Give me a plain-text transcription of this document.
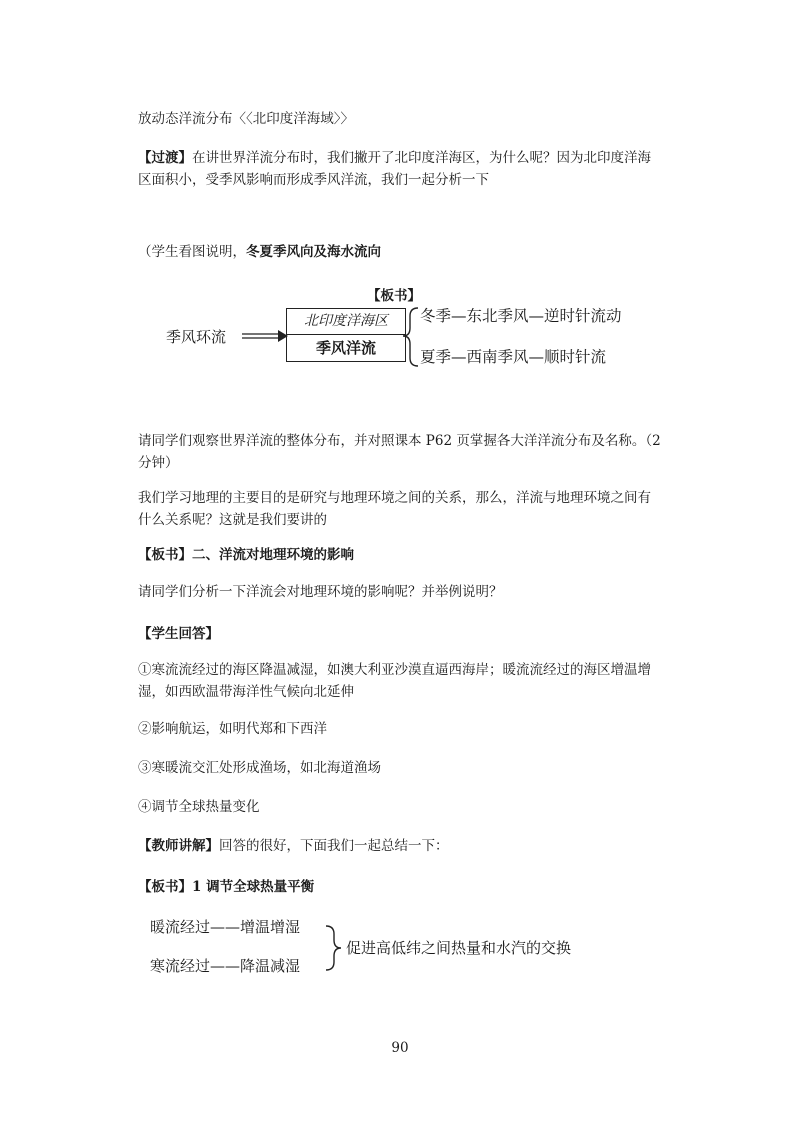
放动态洋流分布〈〈北印度洋海域〉〉
【过渡】在讲世界洋流分布时，我们撇开了北印度洋海区，为什么呢？因为北印度洋海
区面积小，受季风影响而形成季风洋流，我们一起分析一下
（学生看图说明，冬夏季风向及海水流向
【板书】
季风环流
北印度洋海区
季风洋流
冬季—东北季风—逆时针流动
夏季—西南季风—顺时针流
请同学们观察世界洋流的整体分布，并对照课本 P62 页掌握各大洋洋流分布及名称。（2
分钟）
我们学习地理的主要目的是研究与地理环境之间的关系，那么，洋流与地理环境之间有
什么关系呢？这就是我们要讲的
【板书】二、洋流对地理环境的影响
请同学们分析一下洋流会对地理环境的影响呢？并举例说明？
【学生回答】
①寒流流经过的海区降温减湿，如澳大利亚沙漠直逼西海岸；暖流流经过的海区增温增
湿，如西欧温带海洋性气候向北延伸
②影响航运，如明代郑和下西洋
③寒暖流交汇处形成渔场，如北海道渔场
④调节全球热量变化
【教师讲解】回答的很好，下面我们一起总结一下：
【板书】1 调节全球热量平衡
暖流经过——增温增湿
寒流经过——降温减湿
促进高低纬之间热量和水汽的交换
90
